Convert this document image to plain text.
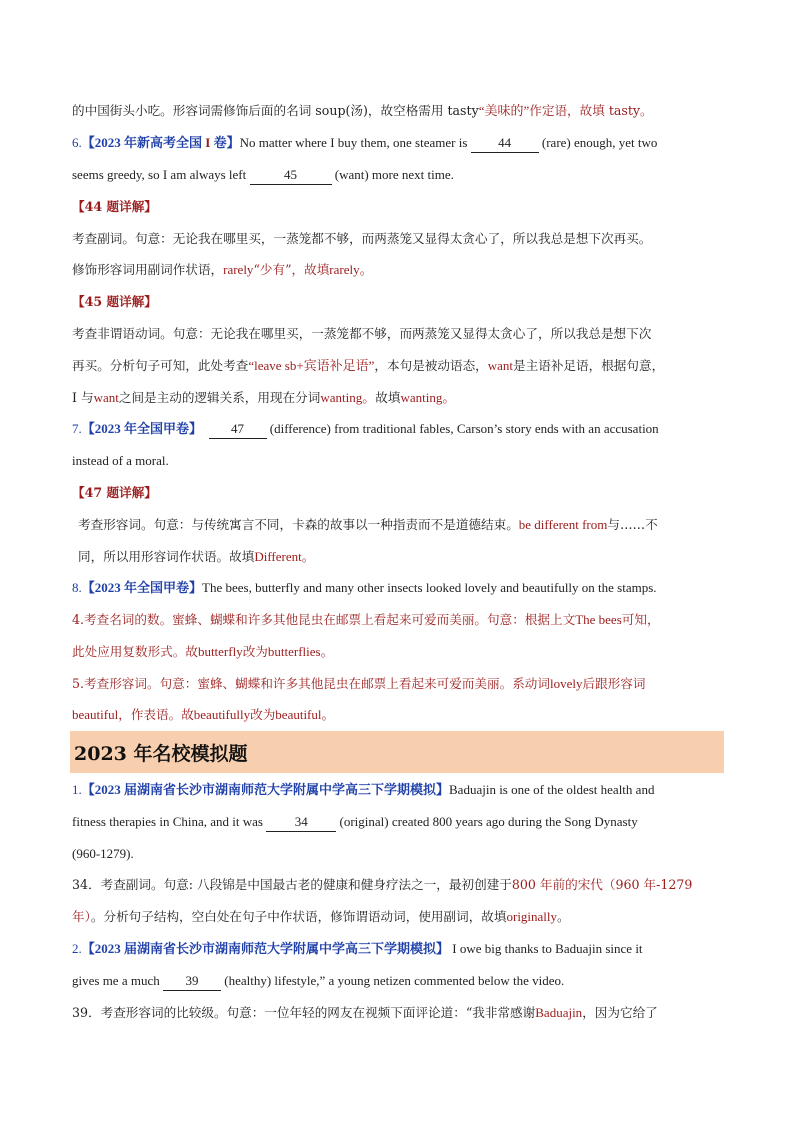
的中国街头小吃。形容词需修饰后面的名词 soup(汤)，故空格需用 tasty“美味的”作定语，故填 tasty。
6.【2023 年新高考全国 I 卷】No matter where I buy them, one steamer is 44 (rare) enough, yet two
seems greedy, so I am always left	45	(want) more next time.
【44 题详解】
考查副词。句意：无论我在哪里买，一蒸笼都不够，而两蒸笼又显得太贪心了，所以我总是想下次再买。
修饰形容词用副词作状语，rarely“少有”，故填rarely。
【45 题详解】
考查非谓语动词。句意：无论我在哪里买，一蒸笼都不够，而两蒸笼又显得太贪心了，所以我总是想下次
再买。分析句子可知，此处考查“leave sb+宾语补足语”，本句是被动语态，want是主语补足语，根据句意，
I 与want之间是主动的逻辑关系，用现在分词wanting。故填wanting。
7.【2023 年全国甲卷】 47 (difference) from traditional fables, Carson’s story ends with an accusation
instead of a moral.
【47 题详解】
考查形容词。句意：与传统寓言不同，卡森的故事以一种指责而不是道德结束。be different from与……不
同，所以用形容词作状语。故填Different。
8.【2023 年全国甲卷】The bees, butterfly and many other insects looked lovely and beautifully on the stamps.
4.考查名词的数。蜜蜂、蝴蝶和许多其他昆虫在邮票上看起来可爱而美丽。句意：根据上文The bees可知，
此处应用复数形式。故butterfly改为butterflies。
5.考查形容词。句意：蜜蜂、蝴蝶和许多其他昆虫在邮票上看起来可爱而美丽。系动词lovely后跟形容词
beautiful，作表语。故beautifully改为beautiful。
2023 年名校模拟题
1.【2023 届湖南省长沙市湖南师范大学附属中学高三下学期模拟】Baduajin is one of the oldest health and
fitness therapies in China, and it was 34 (original) created 800 years ago during the Song Dynasty
(960-1279).
34．考查副词。句意: 八段锦是中国最古老的健康和健身疗法之一，最初创建于800 年前的宋代（960 年-1279
年）。分析句子结构，空白处在句子中作状语，修饰谓语动词，使用副词，故填originally。
2.【2023 届湖南省长沙市湖南师范大学附属中学高三下学期模拟】 I owe big thanks to Baduajin since it
gives me a much 39 (healthy) lifestyle,” a young netizen commented below the video.
39．考查形容词的比较级。句意：一位年轻的网友在视频下面评论道：“我非常感谢Baduajin，因为它给了
